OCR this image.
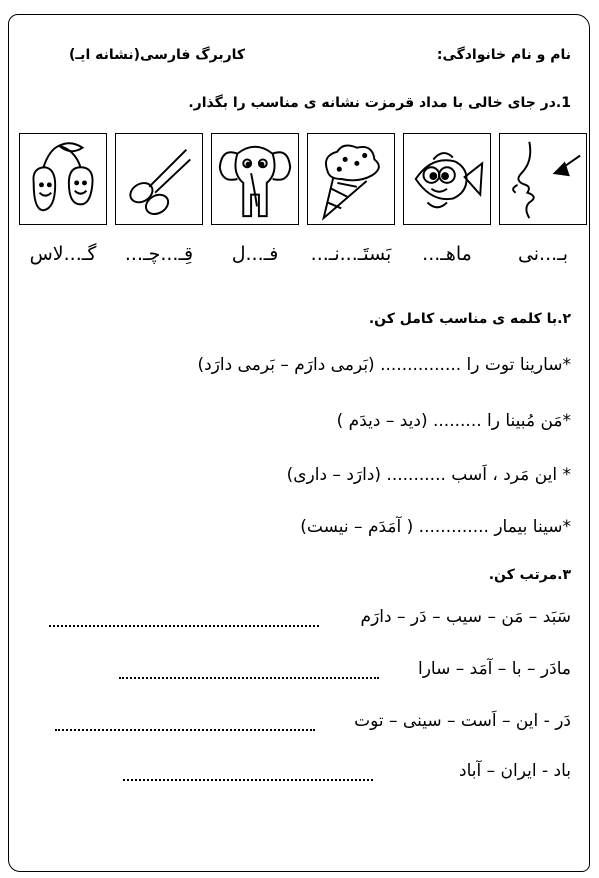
نام و نام خانوادگی:
کاربرگ فارسی(نشانه ایـ)
1.در جای خالی با مداد قرمزت نشانه ی مناسب را بگذار.
بـ...نی
ماهـ...
بَستَـ...نـ...
فـ...ل
قِـ...چـ...
گـ...لاس
۲.با کلمه ی مناسب کامل کن.
*سارینا توت را ............... (بَرمی دارَم – بَرمی دارَد)
*مَن مُبینا را ......... (دید – دیدَم )
* این مَرد ، اَسب ........... (دارَد – داری)
*سینا بیمار ............. ( آمَدَم – نیست)
۳.مرتب کن.
سَبَد – مَن – سیب – دَر – دارَم
مادَر – با – آمَد – سارا
دَر - این – اَست – سینی – توت
باد - ایران – آباد
